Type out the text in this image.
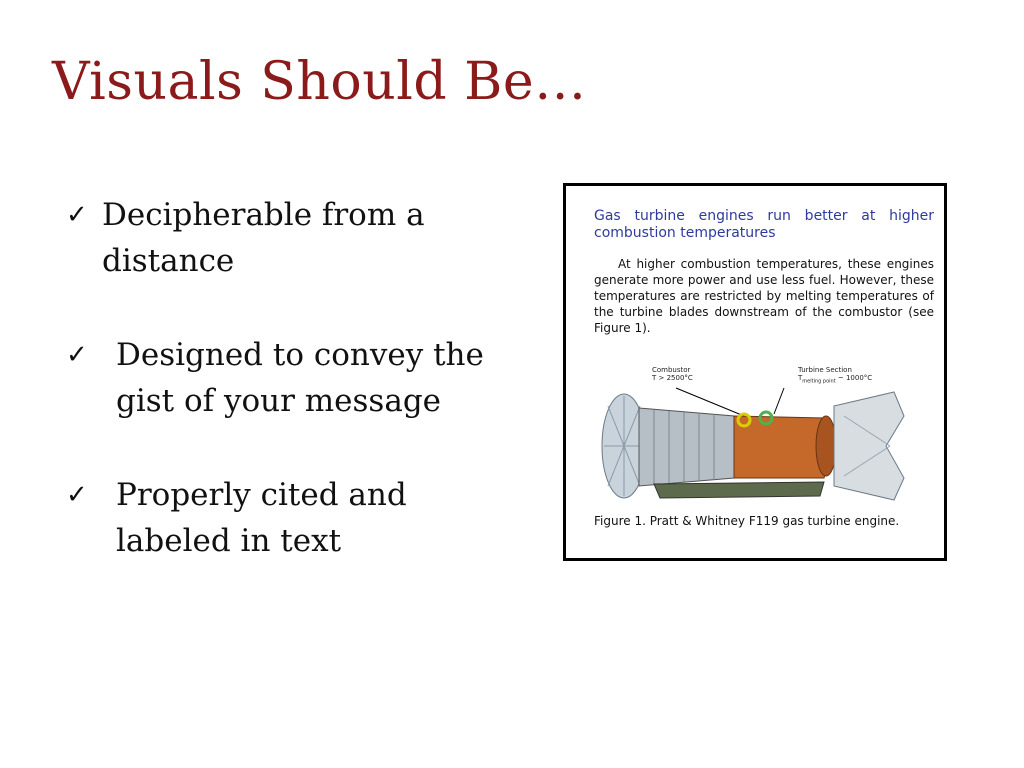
Visuals Should Be…
✓ Decipherable from a distance
✓ Designed to convey the gist of your message
✓ Properly cited and labeled in text
Gas turbine engines run better at higher combustion temperatures
At higher combustion temperatures, these engines generate more power and use less fuel. However, these temperatures are restricted by melting temperatures of the turbine blades downstream of the combustor (see Figure 1).
Combustor
T > 2500°C
Turbine Section
$T_{melting point}$ ~ 1000°C
Figure 1. Pratt & Whitney F119 gas turbine engine.
